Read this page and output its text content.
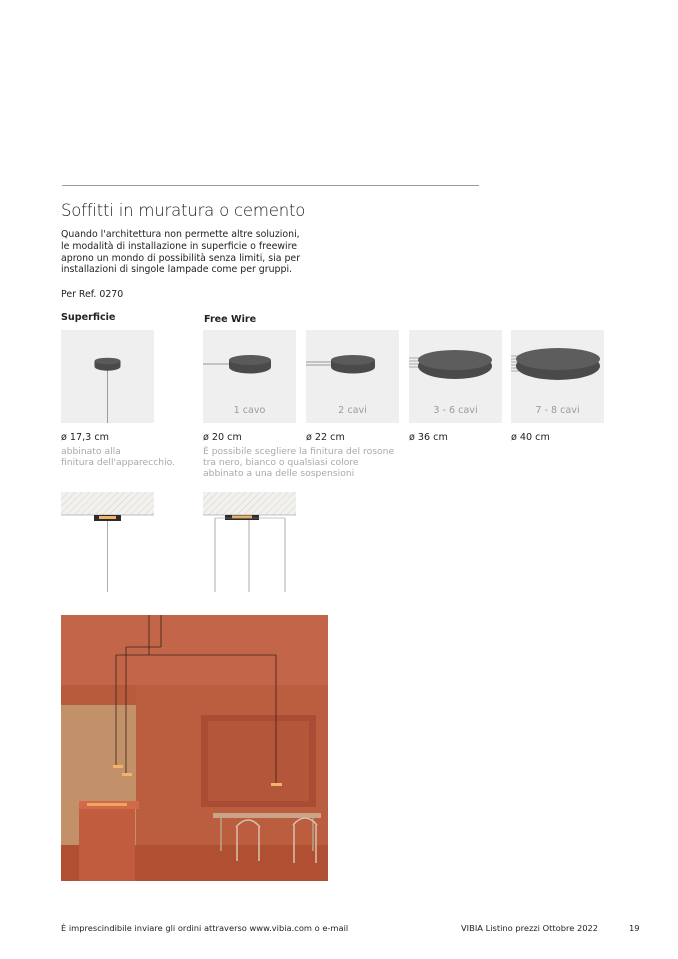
Soffitti in muratura o cemento
Quando l'architettura non permette altre soluzioni,
le modalità di installazione in superficie o freewire
aprono un mondo di possibilità senza limiti, sia per
installazioni di singole lampade come per gruppi.
Per Ref. 0270
Superficie	Free Wire
1 cavo	2 cavi	3 - 6 cavi	7 - 8 cavi
ø 17,3 cm	ø 20 cm	ø 22 cm	ø 36 cm	ø 40 cm
abbinato alla
finitura dell'apparecchio.
È possibile scegliere la finitura del rosone
tra nero, bianco o qualsiasi colore
abbinato a una delle sospensioni
È imprescindibile inviare gli ordini attraverso www.vibia.com o e-mail	VIBIA Listino prezzi Ottobre 2022	19
